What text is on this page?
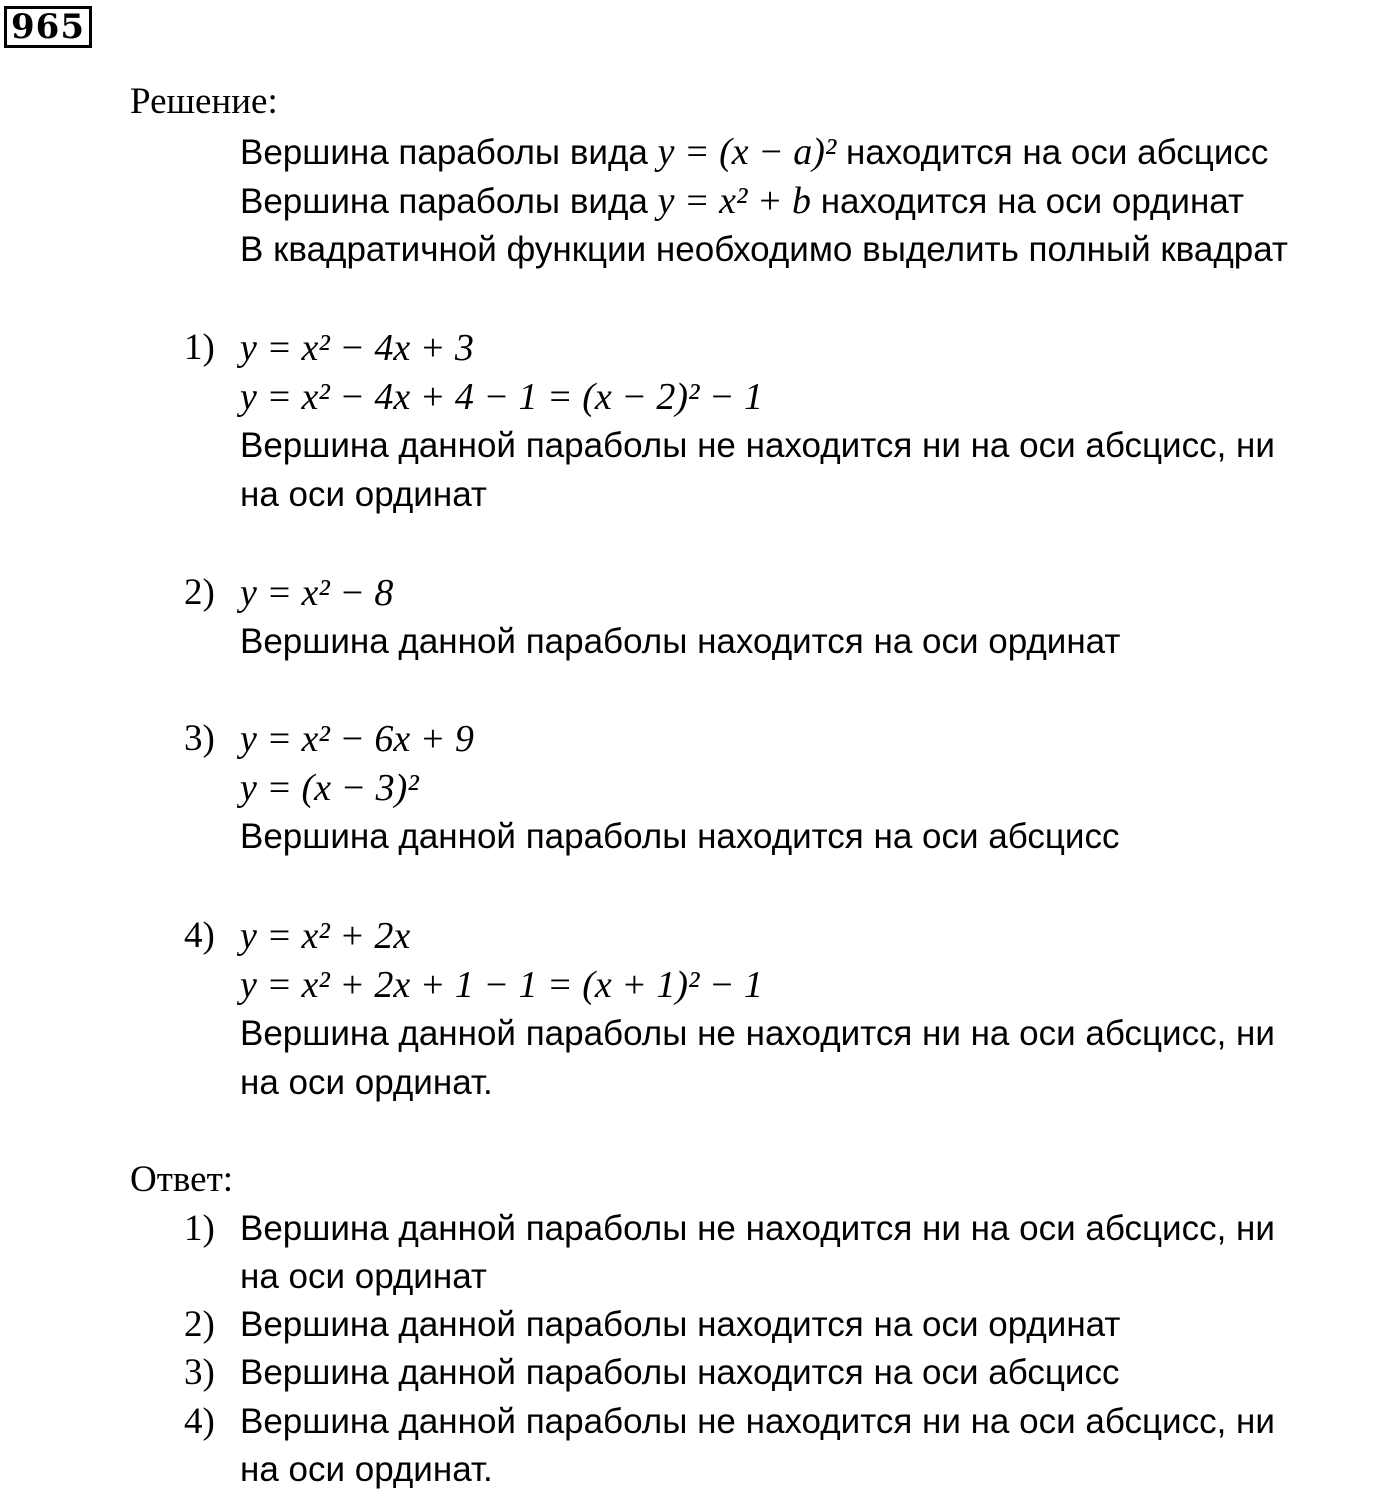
965
Решение:
Вершина параболы вида y = (x − a)² находится на оси абсцисс
Вершина параболы вида y = x² + b находится на оси ординат
В квадратичной функции необходимо выделить полный квадрат
1) y = x² − 4x + 3
y = x² − 4x + 4 − 1 = (x − 2)² − 1
Вершина данной параболы не находится ни на оси абсцисс, ни
на оси ординат
2) y = x² − 8
Вершина данной параболы находится на оси ординат
3) y = x² − 6x + 9
y = (x − 3)²
Вершина данной параболы находится на оси абсцисс
4) y = x² + 2x
y = x² + 2x + 1 − 1 = (x + 1)² − 1
Вершина данной параболы не находится ни на оси абсцисс, ни
на оси ординат.
Ответ:
1) Вершина данной параболы не находится ни на оси абсцисс, ни
на оси ординат
2) Вершина данной параболы находится на оси ординат
3) Вершина данной параболы находится на оси абсцисс
4) Вершина данной параболы не находится ни на оси абсцисс, ни
на оси ординат.
